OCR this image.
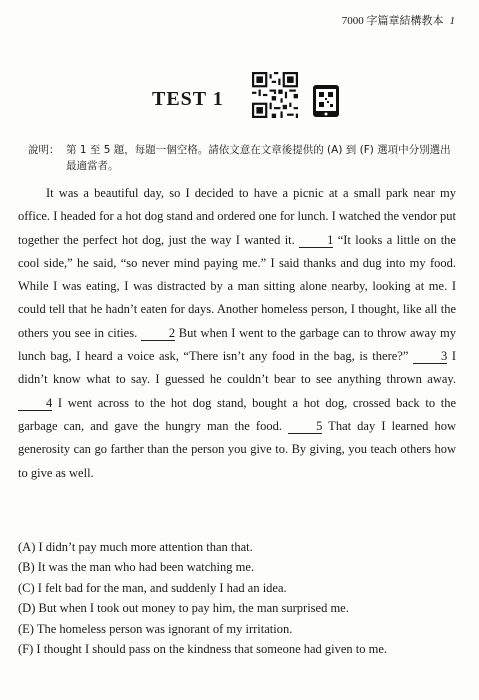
7000 字篇章結構教本 1
TEST 1
說明： 第 1 至 5 題，每題一個空格。請依文意在文章後提供的 (A) 到 (F) 選項中分別選出最適當者。

It was a beautiful day, so I decided to have a picnic at a small park near my office. I headed for a hot dog stand and ordered one for lunch. I watched the vendor put together the perfect hot dog, just the way I wanted it. 1 “It looks a little on the cool side,” he said, “so never mind paying me.” I said thanks and dug into my food. While I was eating, I was distracted by a man sitting alone nearby, looking at me. I could tell that he hadn’t eaten for days. Another homeless person, I thought, like all the others you see in cities. 2 But when I went to the garbage can to throw away my lunch bag, I heard a voice ask, “There isn’t any food in the bag, is there?” 3 I didn’t know what to say. I guessed he couldn’t bear to see anything thrown away. 4 I went across to the hot dog stand, bought a hot dog, crossed back to the garbage can, and gave the hungry man the food. 5 That day I learned how generosity can go farther than the person you give to. By giving, you teach others how to give as well.

(A) I didn’t pay much more attention than that.
(B) It was the man who had been watching me.
(C) I felt bad for the man, and suddenly I had an idea.
(D) But when I took out money to pay him, the man surprised me.
(E) The homeless person was ignorant of my irritation.
(F) I thought I should pass on the kindness that someone had given to me.
